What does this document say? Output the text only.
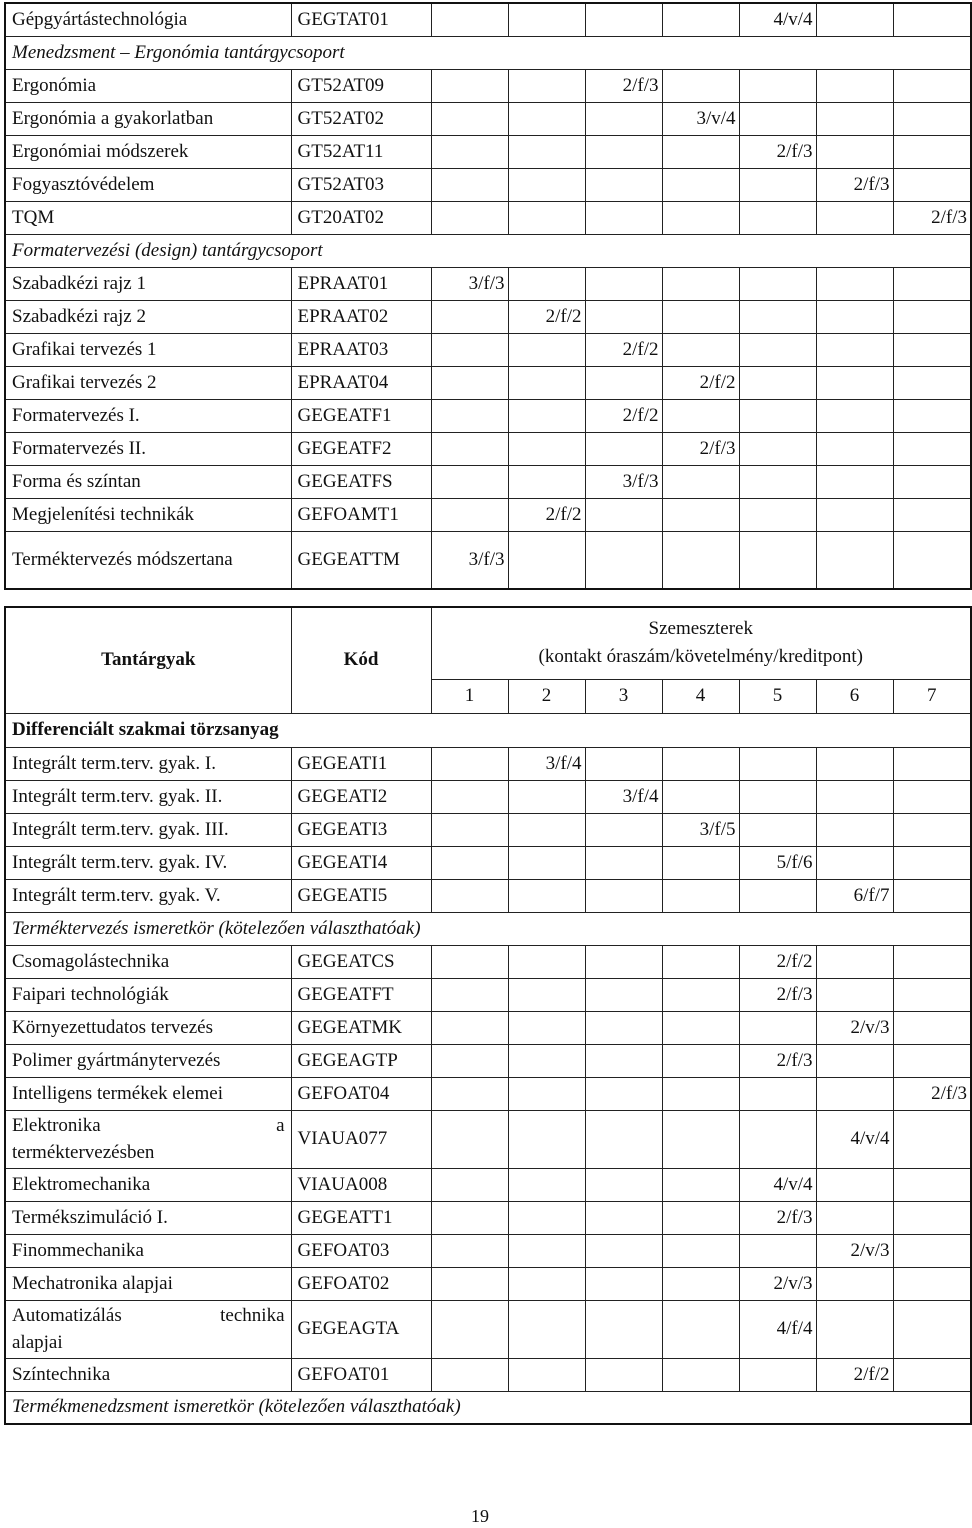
Gépgyártástechnológia	GEGTAT01					4/v/4		
Menedzsment – Ergonómia tantárgycsoport								
Ergonómia	GT52AT09			2/f/3				
Ergonómia a gyakorlatban	GT52AT02				3/v/4			
Ergonómiai módszerek	GT52AT11					2/f/3		
Fogyasztóvédelem	GT52AT03						2/f/3	
TQM	GT20AT02							2/f/3
Formatervezési (design) tantárgycsoport								
Szabadkézi rajz 1	EPRAAT01	3/f/3						
Szabadkézi rajz 2	EPRAAT02		2/f/2					
Grafikai tervezés 1	EPRAAT03			2/f/2				
Grafikai tervezés 2	EPRAAT04				2/f/2			
Formatervezés I.	GEGEATF1			2/f/2				
Formatervezés II.	GEGEATF2				2/f/3			
Forma és színtan	GEGEATFS			3/f/3				
Megjelenítési technikák	GEFOAMT1		2/f/2					
Terméktervezés módszertana	GEGEATTM	3/f/3						
Tantárgyak	Kód	Szemeszterek
(kontakt óraszám/követelmény/kreditpont)						

		1	2	3	4	5	6	7
Differenciált szakmai törzsanyag								
Integrált term.terv. gyak. I.	GEGEATI1		3/f/4					
Integrált term.terv. gyak. II.	GEGEATI2			3/f/4				
Integrált term.terv. gyak. III.	GEGEATI3				3/f/5			
Integrált term.terv. gyak. IV.	GEGEATI4					5/f/6		
Integrált term.terv. gyak. V.	GEGEATI5						6/f/7	
Terméktervezés ismeretkör (kötelezően választhatóak)								
Csomagolástechnika	GEGEATCS					2/f/2		
Faipari technológiák	GEGEATFT					2/f/3		
Környezettudatos tervezés	GEGEATMK						2/v/3	
Polimer gyártmánytervezés	GEGEAGTP					2/f/3		
Intelligens termékek elemei	GEFOAT04							2/f/3

Elektronika a
terméktervezésben	VIAUA077						4/v/4	
Elektromechanika	VIAUA008					4/v/4		
Termékszimuláció I.	GEGEATT1					2/f/3		
Finommechanika	GEFOAT03						2/v/3	
Mechatronika alapjai	GEFOAT02					2/v/3		

Automatizálás technika
alapjai	GEGEAGTA					4/f/4		
Színtechnika	GEFOAT01						2/f/2	
Termékmenedzsment ismeretkör (kötelezően választhatóak)								
19
